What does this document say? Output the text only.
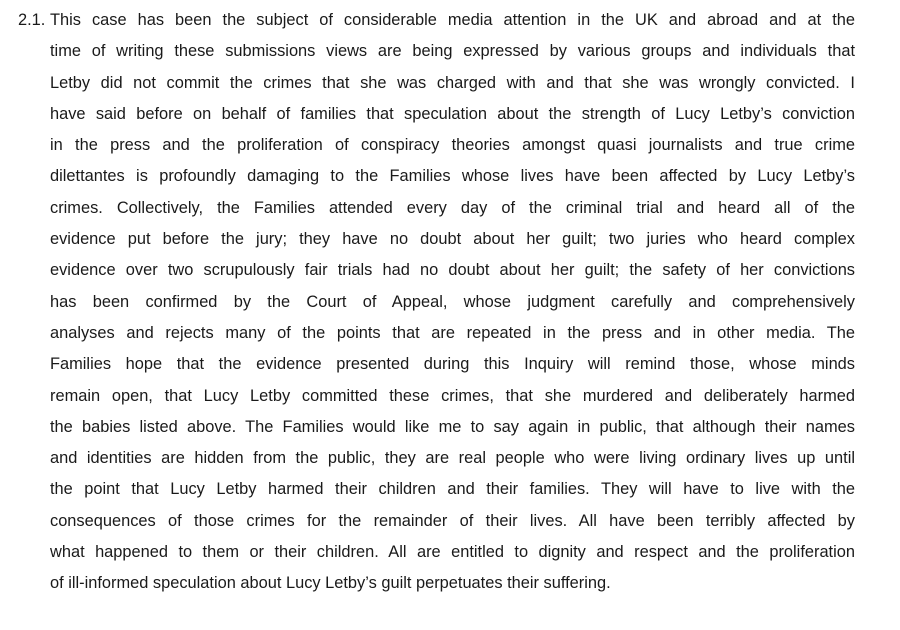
2.1. This case has been the subject of considerable media attention in the UK and abroad and at the
time of writing these submissions views are being expressed by various groups and individuals that
Letby did not commit the crimes that she was charged with and that she was wrongly convicted. I
have said before on behalf of families that speculation about the strength of Lucy Letby’s conviction
in the press and the proliferation of conspiracy theories amongst quasi journalists and true crime
dilettantes is profoundly damaging to the Families whose lives have been affected by Lucy Letby’s
crimes. Collectively, the Families attended every day of the criminal trial and heard all of the
evidence put before the jury; they have no doubt about her guilt; two juries who heard complex
evidence over two scrupulously fair trials had no doubt about her guilt; the safety of her convictions
has been confirmed by the Court of Appeal, whose judgment carefully and comprehensively
analyses and rejects many of the points that are repeated in the press and in other media. The
Families hope that the evidence presented during this Inquiry will remind those, whose minds
remain open, that Lucy Letby committed these crimes, that she murdered and deliberately harmed
the babies listed above. The Families would like me to say again in public, that although their names
and identities are hidden from the public, they are real people who were living ordinary lives up until
the point that Lucy Letby harmed their children and their families. They will have to live with the
consequences of those crimes for the remainder of their lives. All have been terribly affected by
what happened to them or their children. All are entitled to dignity and respect and the proliferation
of ill-informed speculation about Lucy Letby’s guilt perpetuates their suffering.
